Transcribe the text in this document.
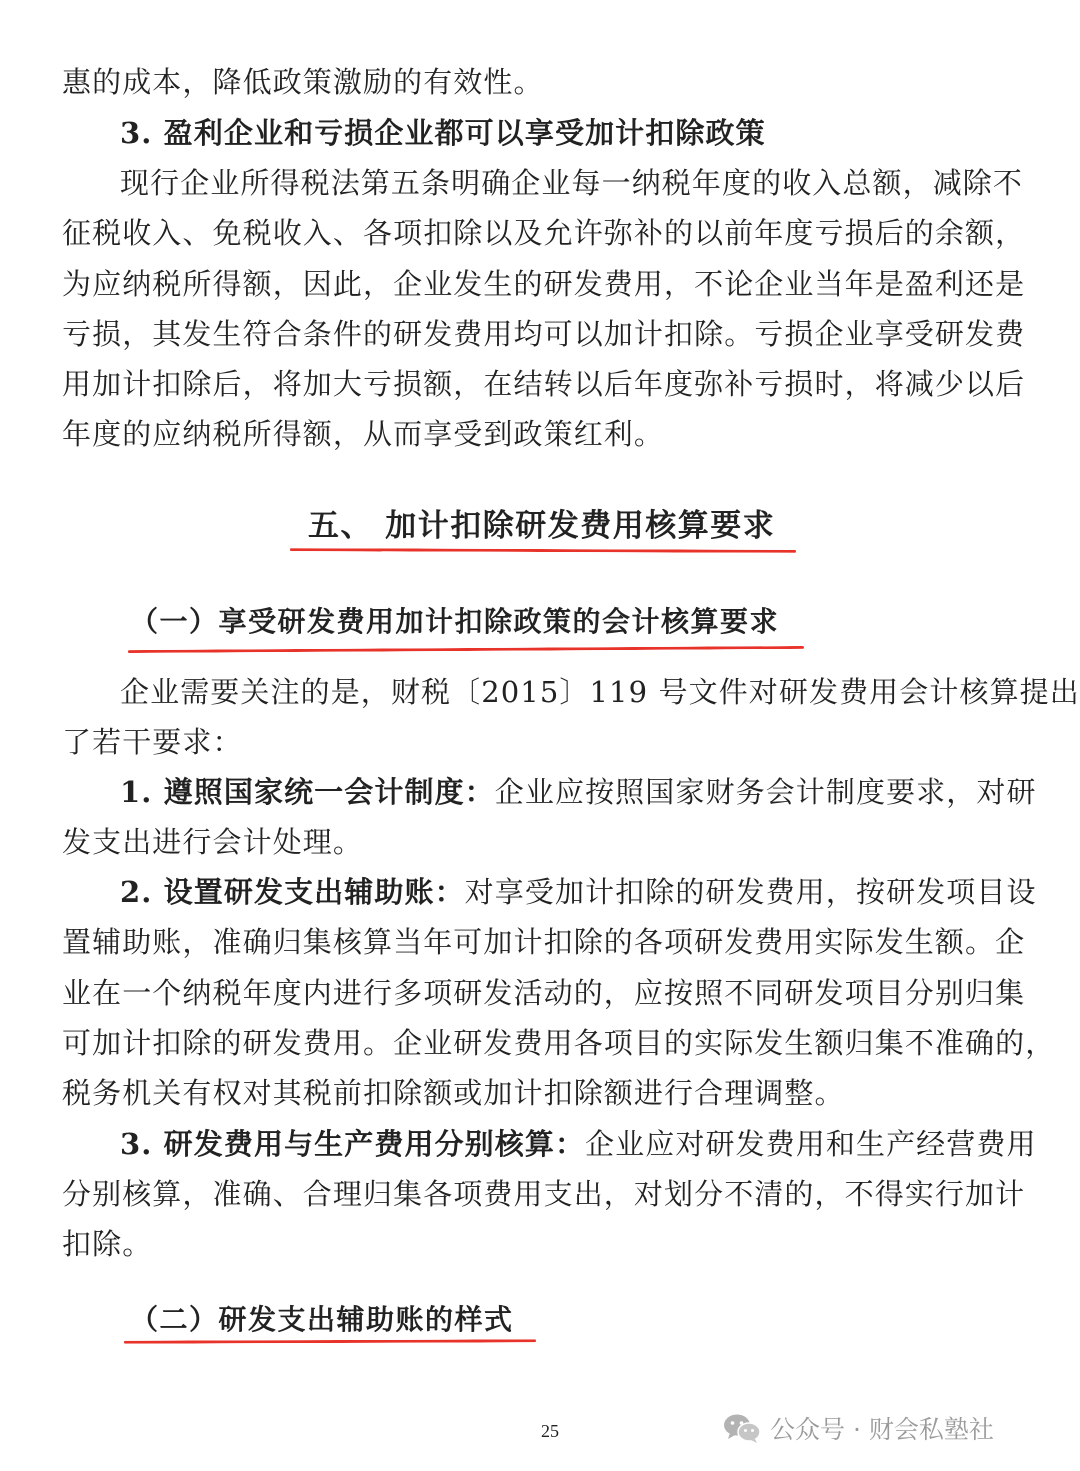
惠的成本，降低政策激励的有效性。
3. 盈利企业和亏损企业都可以享受加计扣除政策
现行企业所得税法第五条明确企业每一纳税年度的收入总额，减除不
征税收入、免税收入、各项扣除以及允许弥补的以前年度亏损后的余额，
为应纳税所得额，因此，企业发生的研发费用，不论企业当年是盈利还是
亏损，其发生符合条件的研发费用均可以加计扣除。亏损企业享受研发费
用加计扣除后，将加大亏损额，在结转以后年度弥补亏损时，将减少以后
年度的应纳税所得额，从而享受到政策红利。
五、 加计扣除研发费用核算要求
（一）享受研发费用加计扣除政策的会计核算要求
企业需要关注的是，财税〔2015〕119 号文件对研发费用会计核算提出
了若干要求：
1. 遵照国家统一会计制度：企业应按照国家财务会计制度要求，对研
发支出进行会计处理。
2. 设置研发支出辅助账：对享受加计扣除的研发费用，按研发项目设
置辅助账，准确归集核算当年可加计扣除的各项研发费用实际发生额。企
业在一个纳税年度内进行多项研发活动的，应按照不同研发项目分别归集
可加计扣除的研发费用。企业研发费用各项目的实际发生额归集不准确的，
税务机关有权对其税前扣除额或加计扣除额进行合理调整。
3. 研发费用与生产费用分别核算：企业应对研发费用和生产经营费用
分别核算，准确、合理归集各项费用支出，对划分不清的，不得实行加计
扣除。
（二）研发支出辅助账的样式
25	公众号 · 财会私塾社
